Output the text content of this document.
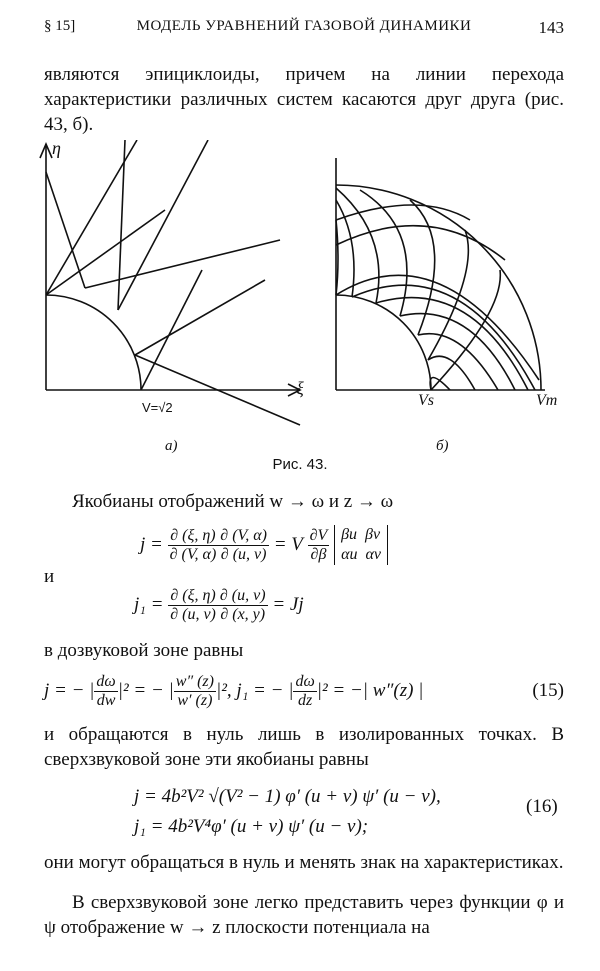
§ 15]	МОДЕЛЬ УРАВНЕНИЙ ГАЗОВОЙ ДИНАМИКИ	143
являются эпициклоиды, причем на линии перехода характеристики различных систем касаются друг друга (рис. 43, б).
η
ξ
V=√2
а)
Vs	Vm
б)
Рис. 43.
Якобианы отображений w → ω и z → ω
j =
$\frac{\partial (\xi, \eta)}{\partial (V, \alpha)} \frac{\partial (V, \alpha)}{\partial (u, v)}$
= V
$\frac{\partial V}{\partial\beta}$
βu βv
αu αv
и
j₁ =
$\frac{\partial (\xi, \eta)}{\partial (u, v)} \frac{\partial (u, v)}{\partial (x, y)}$
= Jj
в дозвуковой зоне равны
j = − | $\frac{d\omega}{dw}$ | ² = − | $\frac{w'' (z)}{w' (z)}$ | ², j₁ = − | $\frac{d\omega}{dz}$ | ² = −| w″(z) |	(15)
и обращаются в нуль лишь в изолированных точках. В сверхзвуковой зоне эти якобианы равны
j = 4b²V² √(V² − 1) φ′ (u + v) ψ′ (u − v),
j₁ = 4b²V⁴φ′ (u + v) ψ′ (u − v);
(16)
они могут обращаться в нуль и менять знак на характеристиках.
В сверхзвуковой зоне легко представить через функции φ и ψ отображение w → z плоскости потенциала на
